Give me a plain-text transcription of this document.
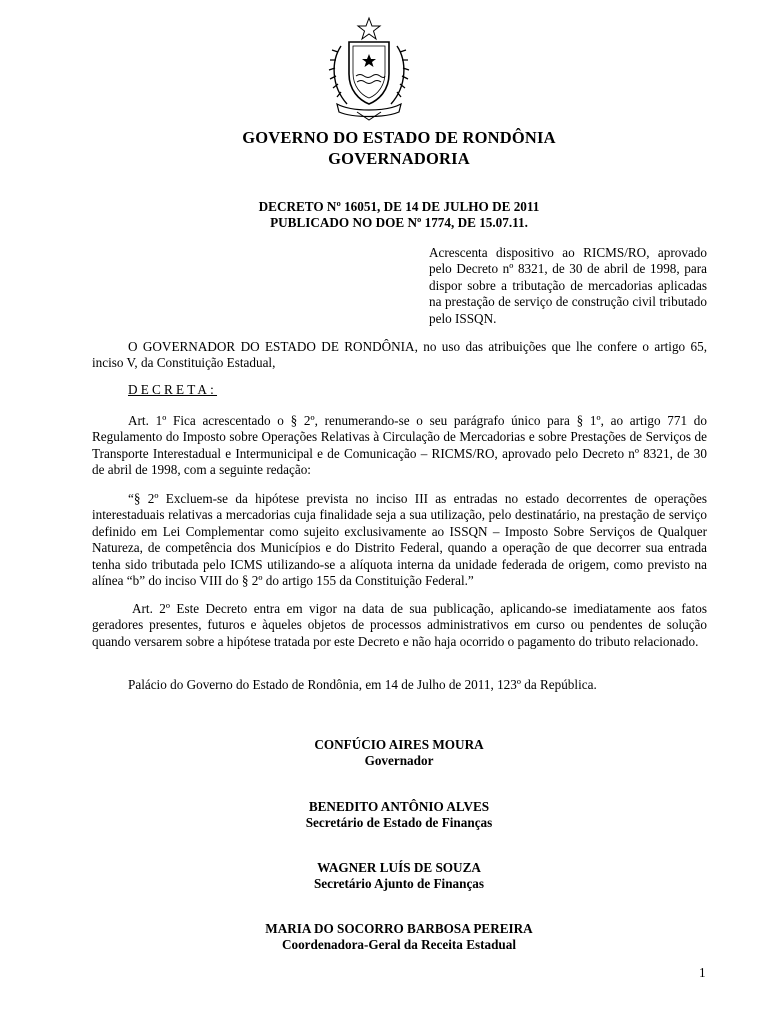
GOVERNO DO ESTADO DE RONDÔNIA
GOVERNADORIA
DECRETO Nº 16051, DE 14 DE JULHO DE 2011
PUBLICADO NO DOE Nº 1774, DE 15.07.11.
Acrescenta dispositivo ao RICMS/RO, aprovado pelo Decreto nº 8321, de 30 de abril de 1998, para dispor sobre a tributação de mercadorias aplicadas na prestação de serviço de construção civil tributado pelo ISSQN.
O GOVERNADOR DO ESTADO DE RONDÔNIA, no uso das atribuições que lhe confere o artigo 65, inciso V, da Constituição Estadual,
DECRETA:
Art. 1º Fica acrescentado o § 2º, renumerando-se o seu parágrafo único para § 1º, ao artigo 771 do Regulamento do Imposto sobre Operações Relativas à Circulação de Mercadorias e sobre Prestações de Serviços de Transporte Interestadual e Intermunicipal e de Comunicação – RICMS/RO, aprovado pelo Decreto nº 8321, de 30 de abril de 1998, com a seguinte redação:
“§ 2º Excluem-se da hipótese prevista no inciso III as entradas no estado decorrentes de operações interestaduais relativas a mercadorias cuja finalidade seja a sua utilização, pelo destinatário, na prestação de serviço definido em Lei Complementar como sujeito exclusivamente ao ISSQN – Imposto Sobre Serviços de Qualquer Natureza, de competência dos Municípios e do Distrito Federal, quando a operação de que decorrer sua entrada tenha sido tributada pelo ICMS utilizando-se a alíquota interna da unidade federada de origem, como previsto na alínea “b” do inciso VIII do § 2º do artigo 155 da Constituição Federal.”
Art. 2º Este Decreto entra em vigor na data de sua publicação, aplicando-se imediatamente aos fatos geradores presentes, futuros e àqueles objetos de processos administrativos em curso ou pendentes de solução quando versarem sobre a hipótese tratada por este Decreto e não haja ocorrido o pagamento do tributo relacionado.
Palácio do Governo do Estado de Rondônia, em 14 de Julho de 2011, 123º da República.
CONFÚCIO AIRES MOURA
Governador
BENEDITO ANTÔNIO ALVES
Secretário de Estado de Finanças
WAGNER LUÍS DE SOUZA
Secretário Ajunto de Finanças
MARIA DO SOCORRO BARBOSA PEREIRA
Coordenadora-Geral da Receita Estadual
1
